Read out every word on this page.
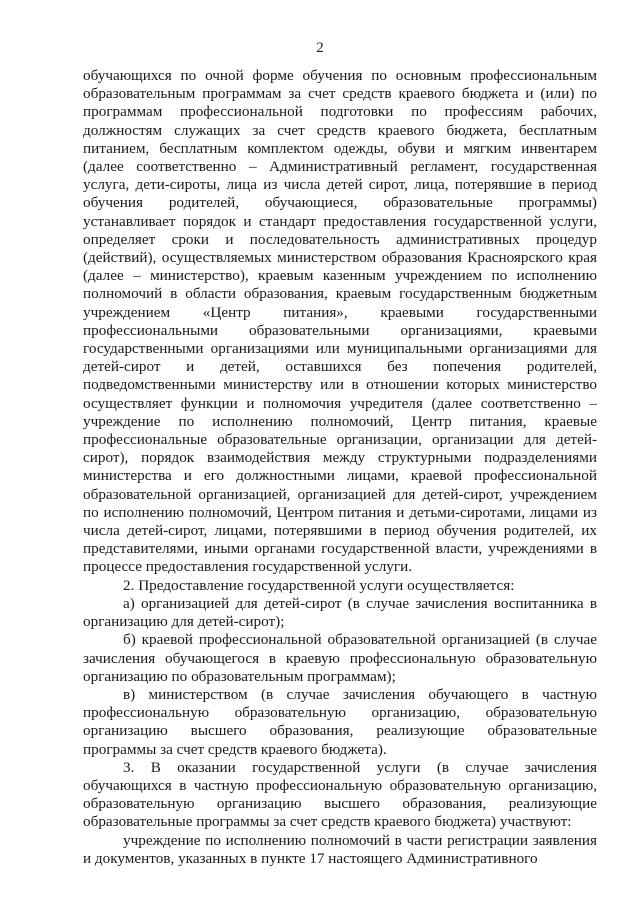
2

обучающихся по очной форме обучения по основным профессиональным образовательным программам за счет средств краевого бюджета и (или) по программам профессиональной подготовки по профессиям рабочих, должностям служащих за счет средств краевого бюджета, бесплатным питанием, бесплатным комплектом одежды, обуви и мягким инвентарем (далее соответственно – Административный регламент, государственная услуга, дети-сироты, лица из числа детей сирот, лица, потерявшие в период обучения родителей, обучающиеся, образовательные программы) устанавливает порядок и стандарт предоставления государственной услуги, определяет сроки и последовательность административных процедур (действий), осуществляемых министерством образования Красноярского края (далее – министерство), краевым казенным учреждением по исполнению полномочий в области образования, краевым государственным бюджетным учреждением «Центр питания», краевыми государственными профессиональными образовательными организациями, краевыми государственными организациями или муниципальными организациями для детей-сирот и детей, оставшихся без попечения родителей, подведомственными министерству или в отношении которых министерство осуществляет функции и полномочия учредителя (далее соответственно – учреждение по исполнению полномочий, Центр питания, краевые профессиональные образовательные организации, организации для детей-сирот), порядок взаимодействия между структурными подразделениями министерства и его должностными лицами, краевой профессиональной образовательной организацией, организацией для детей-сирот, учреждением по исполнению полномочий, Центром питания и детьми-сиротами, лицами из числа детей-сирот, лицами, потерявшими в период обучения родителей, их представителями, иными органами государственной власти, учреждениями в процессе предоставления государственной услуги.

2. Предоставление государственной услуги осуществляется:

а) организацией для детей-сирот (в случае зачисления воспитанника в организацию для детей-сирот);

б) краевой профессиональной образовательной организацией (в случае зачисления обучающегося в краевую профессиональную образовательную организацию по образовательным программам);

в) министерством (в случае зачисления обучающего в частную профессиональную образовательную организацию, образовательную организацию высшего образования, реализующие образовательные программы за счет средств краевого бюджета).

3. В оказании государственной услуги (в случае зачисления обучающихся в частную профессиональную образовательную организацию, образовательную организацию высшего образования, реализующие образовательные программы за счет средств краевого бюджета) участвуют:

учреждение по исполнению полномочий в части регистрации заявления и документов, указанных в пункте 17 настоящего Административного
